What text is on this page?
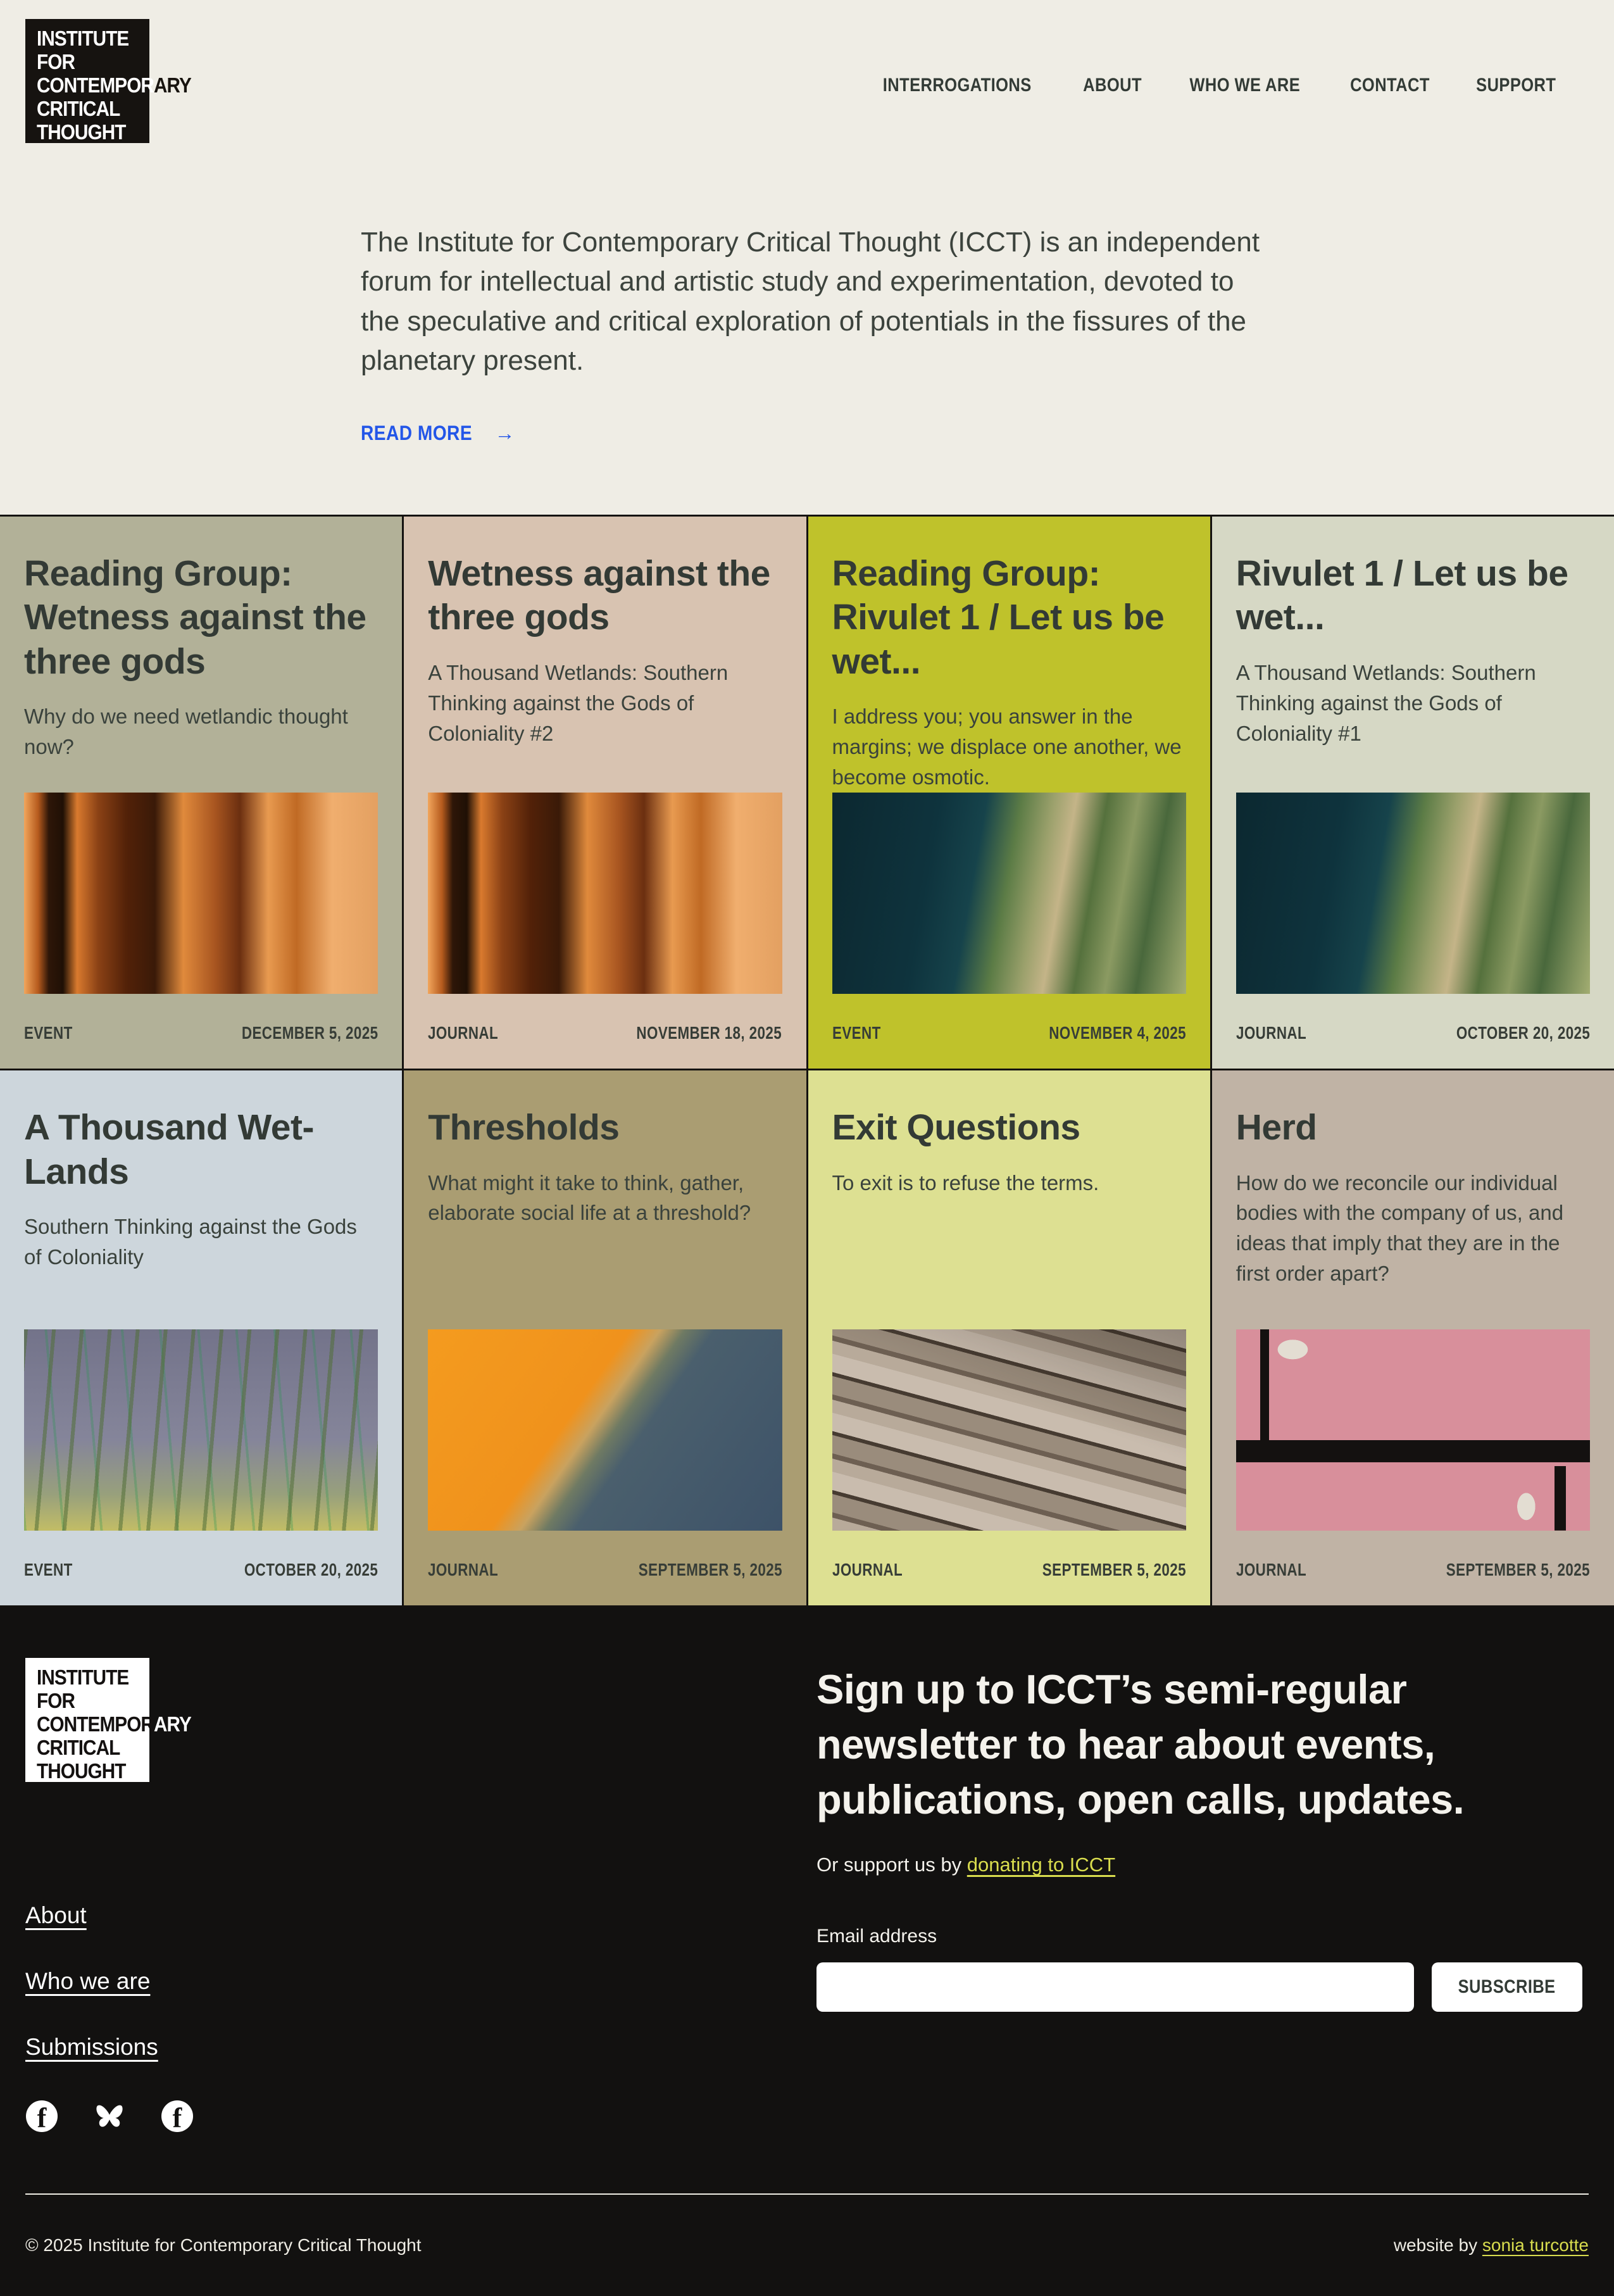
INSTITUTE
FOR
CONTEMPORARY
CRITICAL
THOUGHT
INTERROGATIONS	ABOUT	WHO WE ARE	CONTACT SUPPORT

The Institute for Contemporary Critical Thought (ICCT) is an independent forum for intellectual and artistic study and experimentation, devoted to the speculative and critical exploration of potentials in the fissures of the planetary present.

READ MORE →
Reading Group: Wetness against the three gods

Why do we need wetlandic thought now?

EVENT	DECEMBER 5, 2025
Wetness against the three gods

A Thousand Wetlands: Southern Thinking against the Gods of Coloniality #2

JOURNAL	NOVEMBER 18, 2025
Reading Group: Rivulet 1 / Let us be wet...

I address you; you answer in the margins; we displace one another, we become osmotic.

EVENT	NOVEMBER 4, 2025
Rivulet 1 / Let us be wet...

A Thousand Wetlands: Southern Thinking against the Gods of Coloniality #1

JOURNAL	OCTOBER 20, 2025
A Thousand Wet-Lands

Southern Thinking against the Gods of Coloniality

EVENT	OCTOBER 20, 2025
Thresholds

What might it take to think, gather, elaborate social life at a threshold?

JOURNAL	SEPTEMBER 5, 2025
Exit Questions

To exit is to refuse the terms.

JOURNAL	SEPTEMBER 5, 2025
Herd

How do we reconcile our individual bodies with the company of us, and ideas that imply that they are in the first order apart?

JOURNAL	SEPTEMBER 5, 2025
INSTITUTE
FOR
CONTEMPORARY
CRITICAL
THOUGHT
About
Who we are
Submissions
f	f
Sign up to ICCT’s semi-regular newsletter to hear about events, publications, open calls, updates.

Or support us by donating to ICCT

Email address
SUBSCRIBE
© 2025 Institute for Contemporary Critical Thought	website by sonia turcotte
